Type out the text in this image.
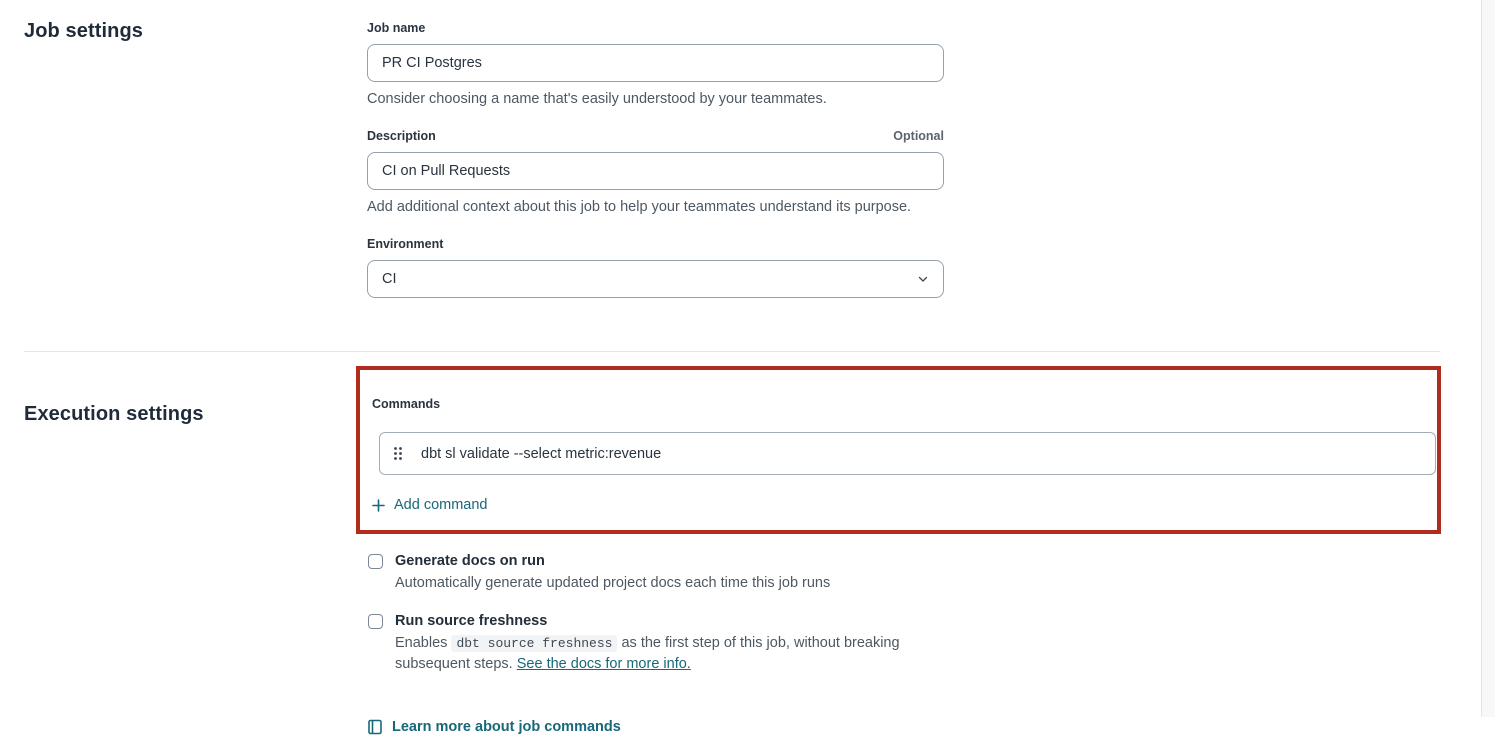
Job settings	Job name
PR CI Postgres
Consider choosing a name that's easily understood by your teammates.
Description	Optional
CI on Pull Requests
Add additional context about this job to help your teammates understand its purpose.
Environment
CI
Execution settings	Commands
dbt sl validate --select metric:revenue
Add command
Generate docs on run
Automatically generate updated project docs each time this job runs
Run source freshness
Enables dbt source freshness as the first step of this job, without breaking subsequent steps. See the docs for more info.
Learn more about job commands
